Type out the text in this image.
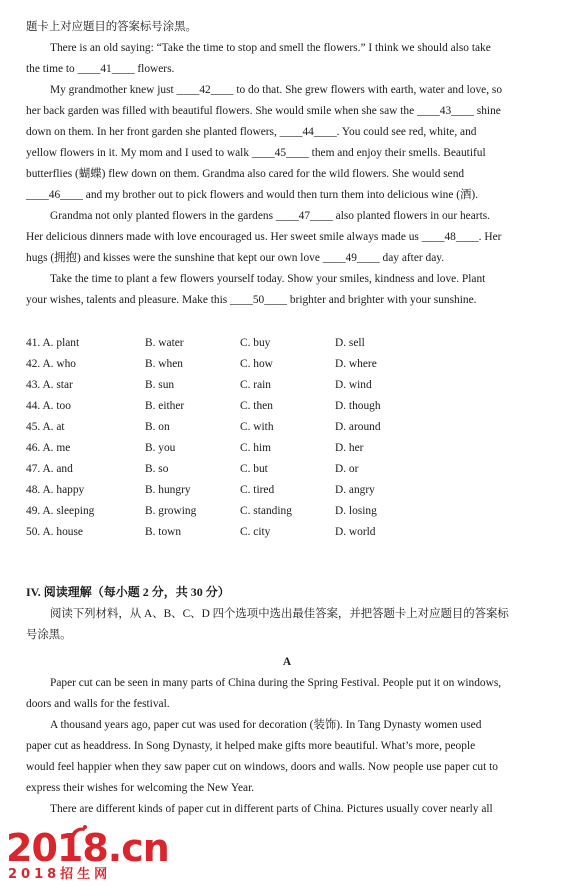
题卡上对应题目的答案标号涂黑。
There is an old saying: “Take the time to stop and smell the flowers.” I think we should also take
the time to ____41____ flowers.
My grandmother knew just ____42____ to do that. She grew flowers with earth, water and love, so
her back garden was filled with beautiful flowers. She would smile when she saw the ____43____ shine
down on them. In her front garden she planted flowers, ____44____. You could see red, white, and
yellow flowers in it. My mom and I used to walk ____45____ them and enjoy their smells. Beautiful
butterflies (蝴蝶) flew down on them. Grandma also cared for the wild flowers. She would send
____46____ and my brother out to pick flowers and would then turn them into delicious wine (酒).
Grandma not only planted flowers in the gardens ____47____ also planted flowers in our hearts.
Her delicious dinners made with love encouraged us. Her sweet smile always made us ____48____. Her
hugs (拥抱) and kisses were the sunshine that kept our own love ____49____ day after day.
Take the time to plant a few flowers yourself today. Show your smiles, kindness and love. Plant
your wishes, talents and pleasure. Make this ____50____ brighter and brighter with your sunshine.
41. A. plant	B. water	C. buy	D. sell
42. A. who	B. when	C. how	D. where
43. A. star	B. sun	C. rain	D. wind
44. A. too	B. either	C. then	D. though
45. A. at	B. on	C. with	D. around
46. A. me	B. you	C. him	D. her
47. A. and	B. so	C. but	D. or
48. A. happy	B. hungry	C. tired	D. angry
49. A. sleeping	B. growing	C. standing	D. losing
50. A. house	B. town	C. city	D. world
IV. 阅读理解（每小题 2 分，共 30 分）
阅读下列材料，从 A、B、C、D 四个选项中选出最佳答案，并把答题卡上对应题目的答案标
号涂黑。
A
Paper cut can be seen in many parts of China during the Spring Festival. People put it on windows,
doors and walls for the festival.
A thousand years ago, paper cut was used for decoration (装饰). In Tang Dynasty women used
paper cut as headdress. In Song Dynasty, it helped make gifts more beautiful. What’s more, people
would feel happier when they saw paper cut on windows, doors and walls. Now people use paper cut to
express their wishes for welcoming the New Year.
There are different kinds of paper cut in different parts of China. Pictures usually cover nearly all
2018.cn
2018招生网
